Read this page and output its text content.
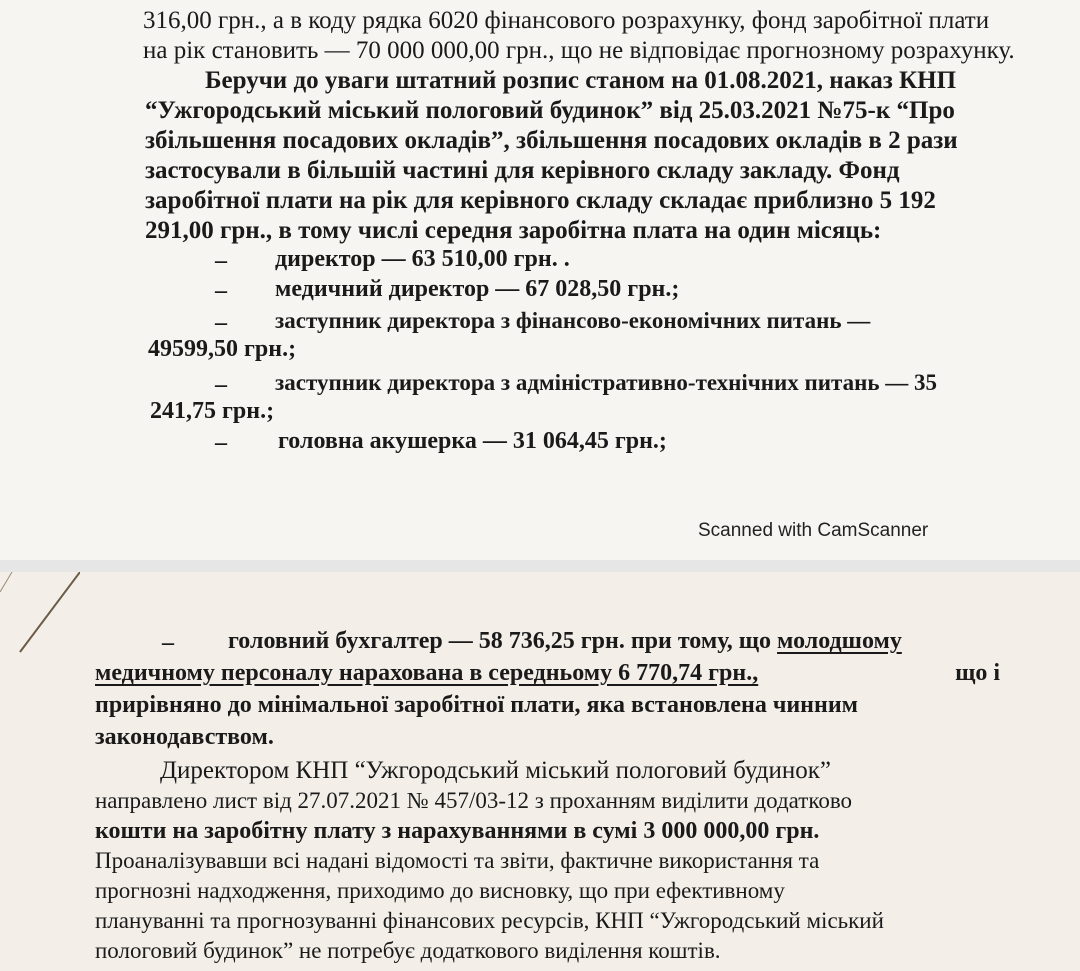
316,00 грн., а в коду рядка 6020 фінансового розрахунку, фонд заробітної плати
на рік становить — 70 000 000,00 грн., що не відповідає прогнозному розрахунку.
Беручи до уваги штатний розпис станом на 01.08.2021, наказ КНП
“Ужгородський міський пологовий будинок” від 25.03.2021 №75-к “Про
збільшення посадових окладів”, збільшення посадових окладів в 2 рази
застосували в більшій частині для керівного складу закладу. Фонд
заробітної плати на рік для керівного складу складає приблизно 5 192
291,00 грн., в тому числі середня заробітна плата на один місяць:
– директор — 63 510,00 грн. .
– медичний директор — 67 028,50 грн.;
– заступник директора з фінансово-економічних питань —
49599,50 грн.;
– заступник директора з адміністративно-технічних питань — 35
241,75 грн.;
– головна акушерка — 31 064,45 грн.;
Scanned with CamScanner
– головний бухгалтер — 58 736,25 грн. при тому, що молодшому
медичному персоналу нарахована в середньому 6 770,74 грн.,	що і
прирівняно до мінімальної заробітної плати, яка встановлена чинним
законодавством.
Директором КНП “Ужгородський міський пологовий будинок”
направлено лист від 27.07.2021 № 457/03-12 з проханням виділити додатково
кошти на заробітну плату з нарахуваннями в сумі 3 000 000,00 грн.
Проаналізувавши всі надані відомості та звіти, фактичне використання та
прогнозні надходження, приходимо до висновку, що при ефективному
плануванні та прогнозуванні фінансових ресурсів, КНП “Ужгородський міський
пологовий будинок” не потребує додаткового виділення коштів.
